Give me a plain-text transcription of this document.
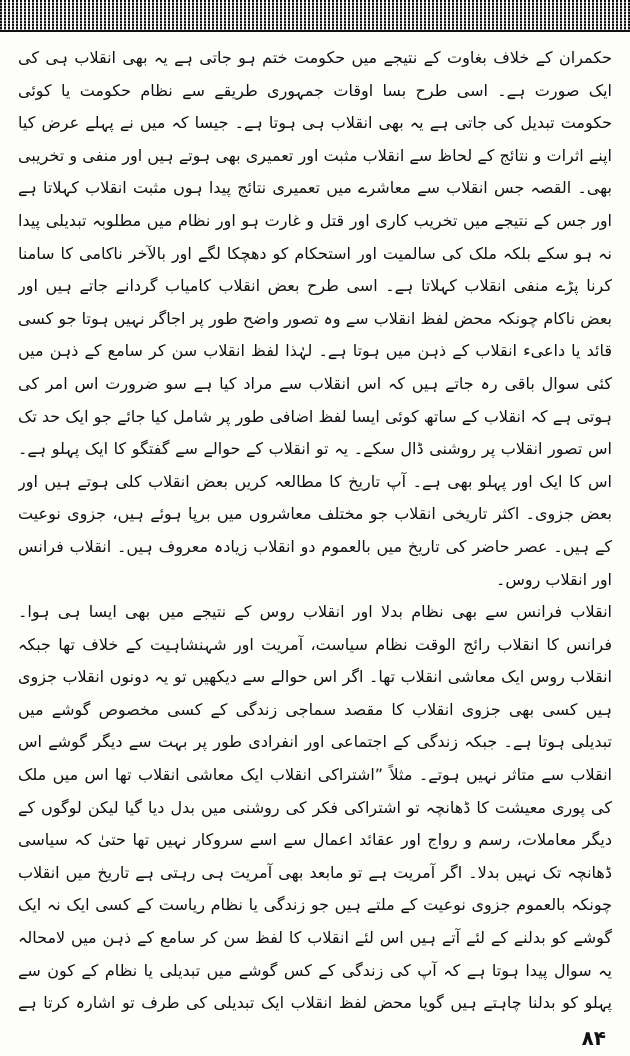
حکمران کے خلاف بغاوت کے نتیجے میں حکومت ختم ہو جاتی ہے یہ بھی انقلاب ہی کی ایک صورت ہے۔ اسی طرح بسا اوقات جمہوری طریقے سے نظام حکومت یا کوئی حکومت تبدیل کی جاتی ہے یہ بھی انقلاب ہی ہوتا ہے۔ جیسا کہ میں نے پہلے عرض کیا اپنے اثرات و نتائج کے لحاظ سے انقلاب مثبت اور تعمیری بھی ہوتے ہیں اور منفی و تخریبی بھی۔ القصہ جس انقلاب سے معاشرے میں تعمیری نتائج پیدا ہوں مثبت انقلاب کہلاتا ہے اور جس کے نتیجے میں تخریب کاری اور قتل و غارت ہو اور نظام میں مطلوبہ تبدیلی پیدا نہ ہو سکے بلکہ ملک کی سالمیت اور استحکام کو دھچکا لگے اور بالآخر ناکامی کا سامنا کرنا پڑے منفی انقلاب کہلاتا ہے۔ اسی طرح بعض انقلاب کامیاب گردانے جاتے ہیں اور بعض ناکام چونکہ محض لفظ انقلاب سے وہ تصور واضح طور پر اجاگر نہیں ہوتا جو کسی قائد یا داعیء انقلاب کے ذہن میں ہوتا ہے۔ لہٰذا لفظ انقلاب سن کر سامع کے ذہن میں کئی سوال باقی رہ جاتے ہیں کہ اس انقلاب سے مراد کیا ہے سو ضرورت اس امر کی ہوتی ہے کہ انقلاب کے ساتھ کوئی ایسا لفظ اضافی طور پر شامل کیا جائے جو ایک حد تک اس تصور انقلاب پر روشنی ڈال سکے۔ یہ تو انقلاب کے حوالے سے گفتگو کا ایک پہلو ہے۔ اس کا ایک اور پہلو بھی ہے۔ آپ تاریخ کا مطالعہ کریں بعض انقلاب کلی ہوتے ہیں اور بعض جزوی۔ اکثر تاریخی انقلاب جو مختلف معاشروں میں برپا ہوئے ہیں، جزوی نوعیت کے ہیں۔ عصر حاضر کی تاریخ میں بالعموم دو انقلاب زیادہ معروف ہیں۔ انقلاب فرانس اور انقلاب روس۔

انقلاب فرانس سے بھی نظام بدلا اور انقلاب روس کے نتیجے میں بھی ایسا ہی ہوا۔ فرانس کا انقلاب رائج الوقت نظام سیاست، آمریت اور شہنشاہیت کے خلاف تھا جبکہ انقلاب روس ایک معاشی انقلاب تھا۔ اگر اس حوالے سے دیکھیں تو یہ دونوں انقلاب جزوی ہیں کسی بھی جزوی انقلاب کا مقصد سماجی زندگی کے کسی مخصوص گوشے میں تبدیلی ہوتا ہے۔ جبکہ زندگی کے اجتماعی اور انفرادی طور پر بہت سے دیگر گوشے اس انقلاب سے متاثر نہیں ہوتے۔ مثلاً ”اشتراکی انقلاب ایک معاشی انقلاب تھا اس میں ملک کی پوری معیشت کا ڈھانچہ تو اشتراکی فکر کی روشنی میں بدل دیا گیا لیکن لوگوں کے دیگر معاملات، رسم و رواج اور عقائد اعمال سے اسے سروکار نہیں تھا حتیٰ کہ سیاسی ڈھانچہ تک نہیں بدلا۔ اگر آمریت ہے تو مابعد بھی آمریت ہی رہتی ہے تاریخ میں انقلاب چونکہ بالعموم جزوی نوعیت کے ملتے ہیں جو زندگی یا نظام ریاست کے کسی ایک نہ ایک گوشے کو بدلنے کے لئے آتے ہیں اس لئے انقلاب کا لفظ سن کر سامع کے ذہن میں لامحالہ یہ سوال پیدا ہوتا ہے کہ آپ کی زندگی کے کس گوشے میں تبدیلی یا نظام کے کون سے پہلو کو بدلنا چاہتے ہیں گویا محض لفظ انقلاب ایک تبدیلی کی طرف تو اشارہ کرتا ہے

۸۴
